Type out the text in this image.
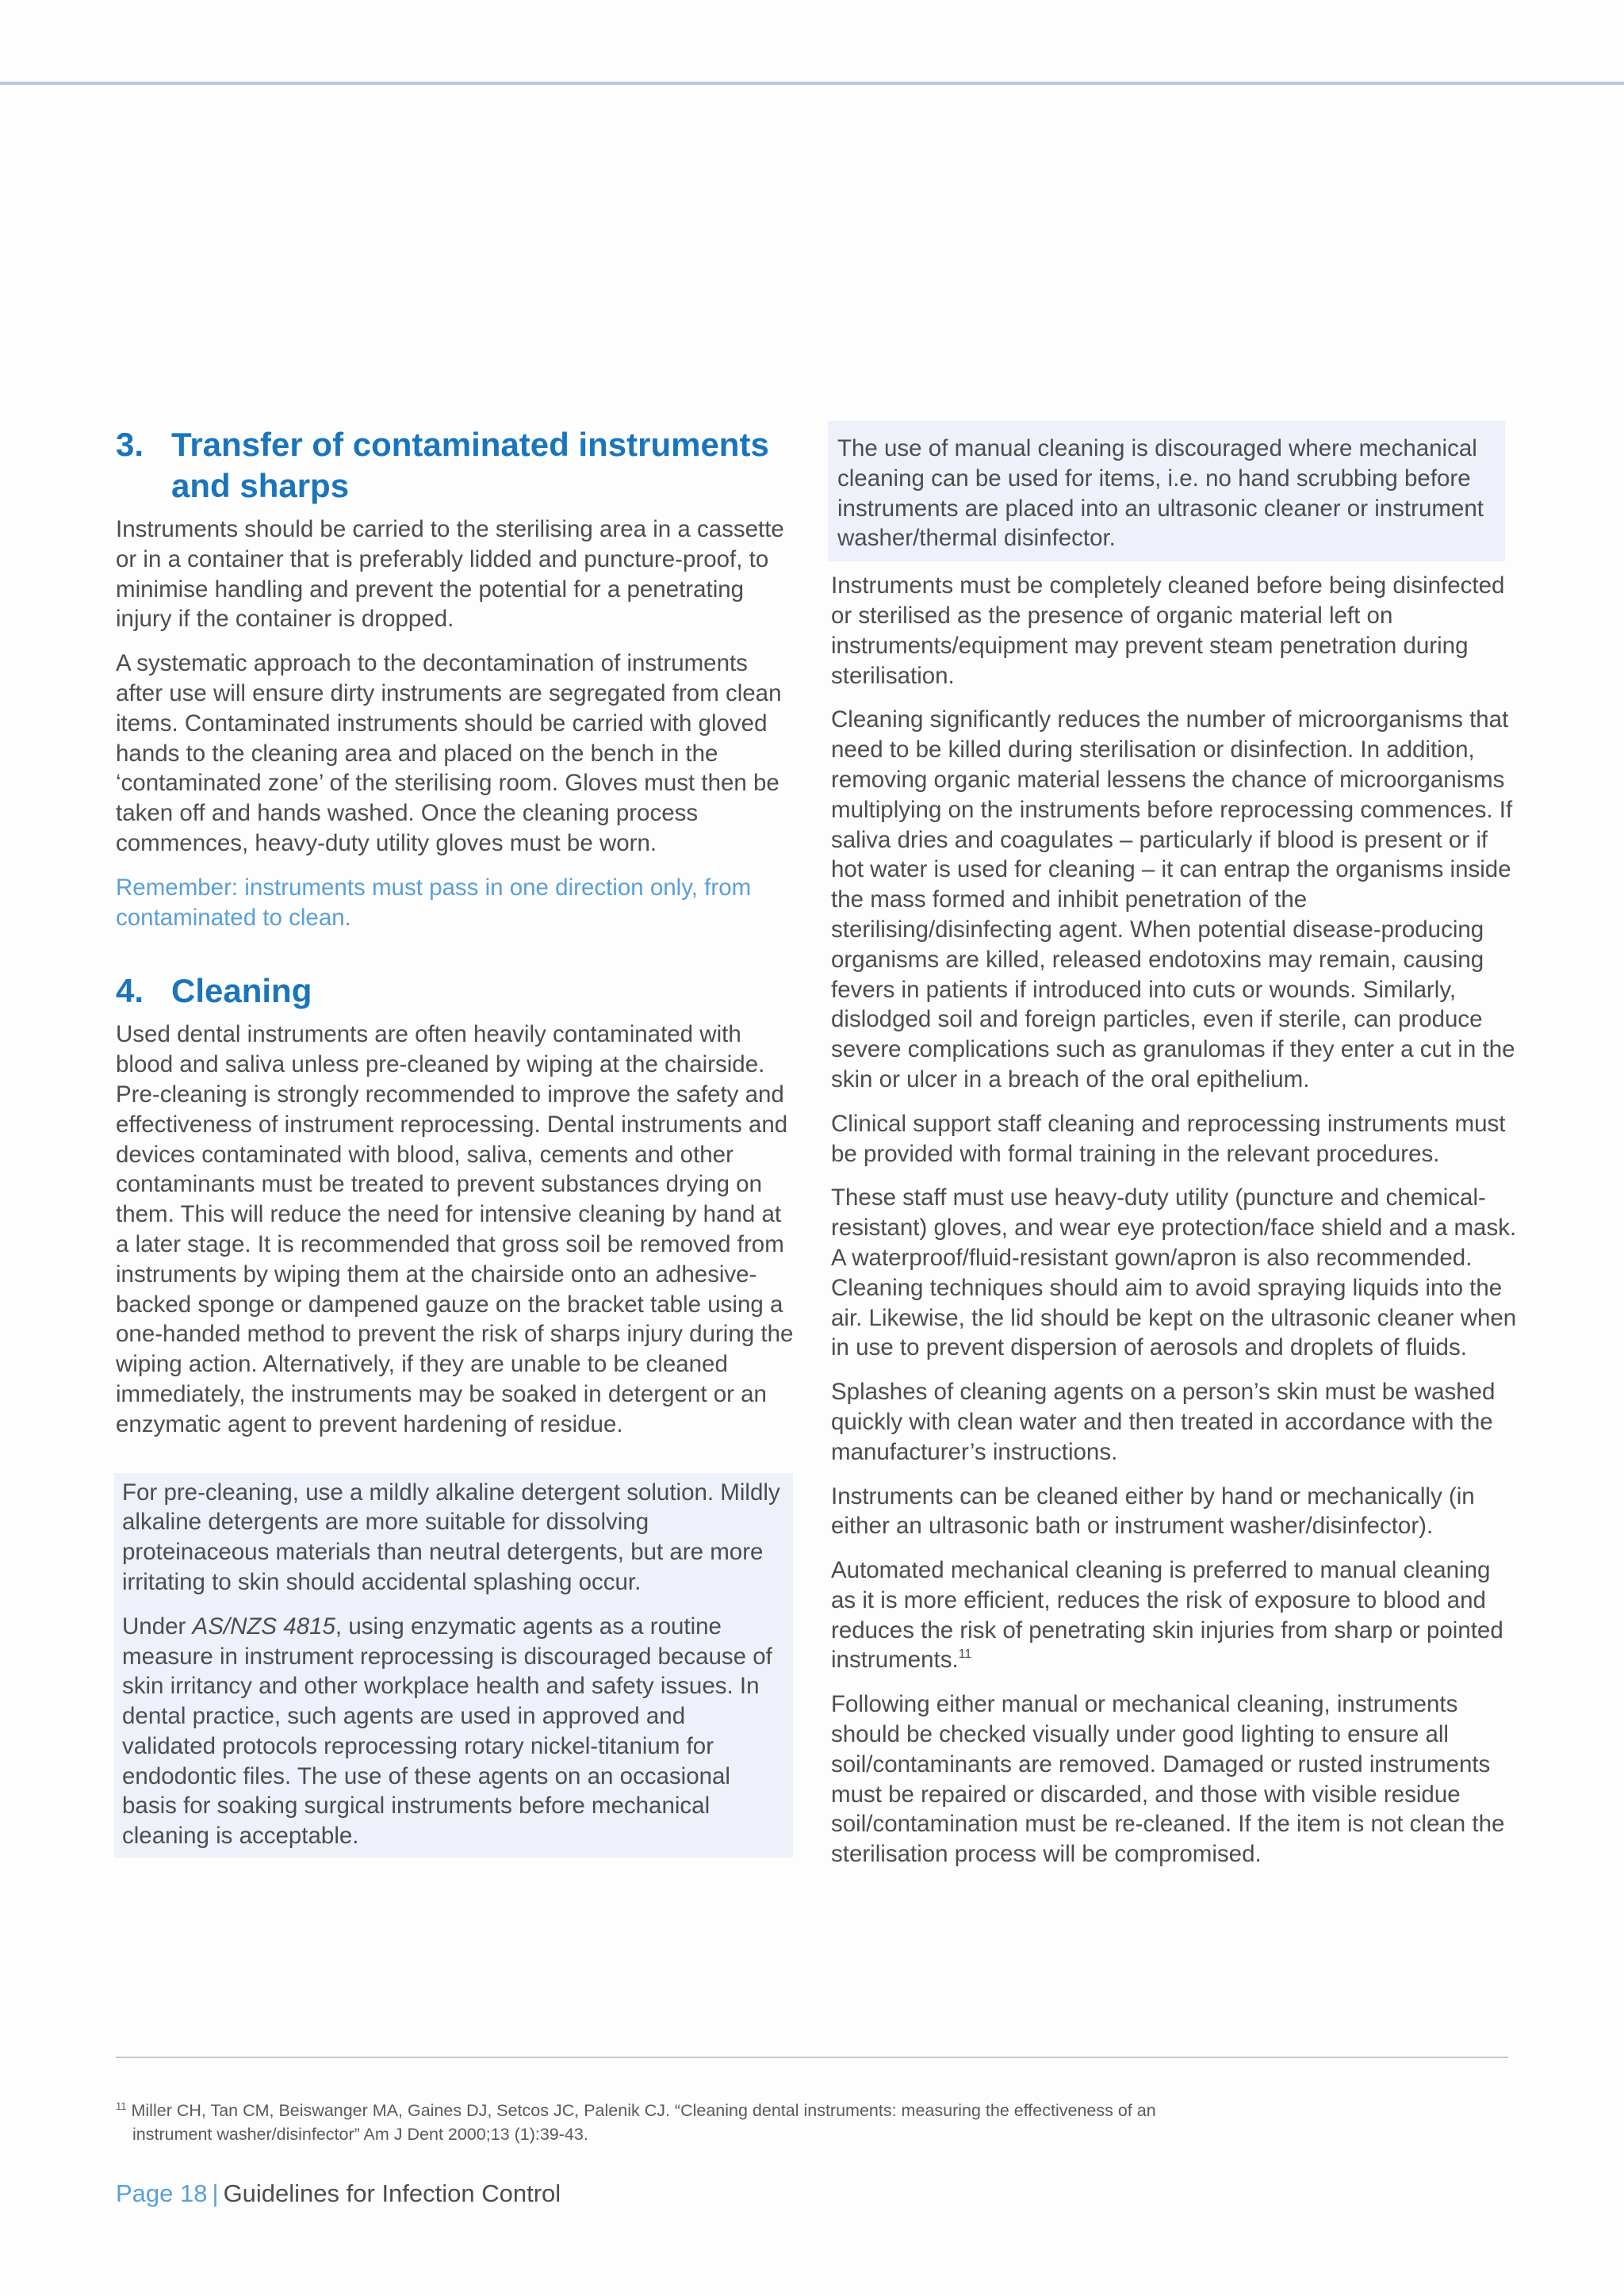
3. Transfer of contaminated instruments and sharps

Instruments should be carried to the sterilising area in a cassette or in a container that is preferably lidded and puncture-proof, to minimise handling and prevent the potential for a penetrating injury if the container is dropped.

A systematic approach to the decontamination of instruments after use will ensure dirty instruments are segregated from clean items. Contaminated instruments should be carried with gloved hands to the cleaning area and placed on the bench in the ‘contaminated zone’ of the sterilising room. Gloves must then be taken off and hands washed. Once the cleaning process commences, heavy-duty utility gloves must be worn.

Remember: instruments must pass in one direction only, from contaminated to clean.

4. Cleaning

Used dental instruments are often heavily contaminated with blood and saliva unless pre-cleaned by wiping at the chairside. Pre-cleaning is strongly recommended to improve the safety and effectiveness of instrument reprocessing. Dental instruments and devices contaminated with blood, saliva, cements and other contaminants must be treated to prevent substances drying on them. This will reduce the need for intensive cleaning by hand at a later stage. It is recommended that gross soil be removed from instruments by wiping them at the chairside onto an adhesive-backed sponge or dampened gauze on the bracket table using a one-handed method to prevent the risk of sharps injury during the wiping action. Alternatively, if they are unable to be cleaned immediately, the instruments may be soaked in detergent or an enzymatic agent to prevent hardening of residue.

For pre-cleaning, use a mildly alkaline detergent solution. Mildly alkaline detergents are more suitable for dissolving proteinaceous materials than neutral detergents, but are more irritating to skin should accidental splashing occur.

Under AS/NZS 4815, using enzymatic agents as a routine measure in instrument reprocessing is discouraged because of skin irritancy and other workplace health and safety issues. In dental practice, such agents are used in approved and validated protocols reprocessing rotary nickel-titanium for endodontic files. The use of these agents on an occasional basis for soaking surgical instruments before mechanical cleaning is acceptable.

The use of manual cleaning is discouraged where mechanical cleaning can be used for items, i.e. no hand scrubbing before instruments are placed into an ultrasonic cleaner or instrument washer/thermal disinfector.

Instruments must be completely cleaned before being disinfected or sterilised as the presence of organic material left on instruments/equipment may prevent steam penetration during sterilisation.

Cleaning significantly reduces the number of microorganisms that need to be killed during sterilisation or disinfection. In addition, removing organic material lessens the chance of microorganisms multiplying on the instruments before reprocessing commences. If saliva dries and coagulates – particularly if blood is present or if hot water is used for cleaning – it can entrap the organisms inside the mass formed and inhibit penetration of the sterilising/disinfecting agent. When potential disease-producing organisms are killed, released endotoxins may remain, causing fevers in patients if introduced into cuts or wounds. Similarly, dislodged soil and foreign particles, even if sterile, can produce severe complications such as granulomas if they enter a cut in the skin or ulcer in a breach of the oral epithelium.

Clinical support staff cleaning and reprocessing instruments must be provided with formal training in the relevant procedures.

These staff must use heavy-duty utility (puncture and chemical-resistant) gloves, and wear eye protection/face shield and a mask. A waterproof/fluid-resistant gown/apron is also recommended. Cleaning techniques should aim to avoid spraying liquids into the air. Likewise, the lid should be kept on the ultrasonic cleaner when in use to prevent dispersion of aerosols and droplets of fluids.

Splashes of cleaning agents on a person’s skin must be washed quickly with clean water and then treated in accordance with the manufacturer’s instructions.

Instruments can be cleaned either by hand or mechanically (in either an ultrasonic bath or instrument washer/disinfector).

Automated mechanical cleaning is preferred to manual cleaning as it is more efficient, reduces the risk of exposure to blood and reduces the risk of penetrating skin injuries from sharp or pointed instruments.$^{11}$

Following either manual or mechanical cleaning, instruments should be checked visually under good lighting to ensure all soil/contaminants are removed. Damaged or rusted instruments must be repaired or discarded, and those with visible residue soil/contamination must be re-cleaned. If the item is not clean the sterilisation process will be compromised.

$^{11}$ Miller CH, Tan CM, Beiswanger MA, Gaines DJ, Setcos JC, Palenik CJ. “Cleaning dental instruments: measuring the effectiveness of an
instrument washer/disinfector” Am J Dent 2000;13 (1):39-43.
Page 18 | Guidelines for Infection Control
